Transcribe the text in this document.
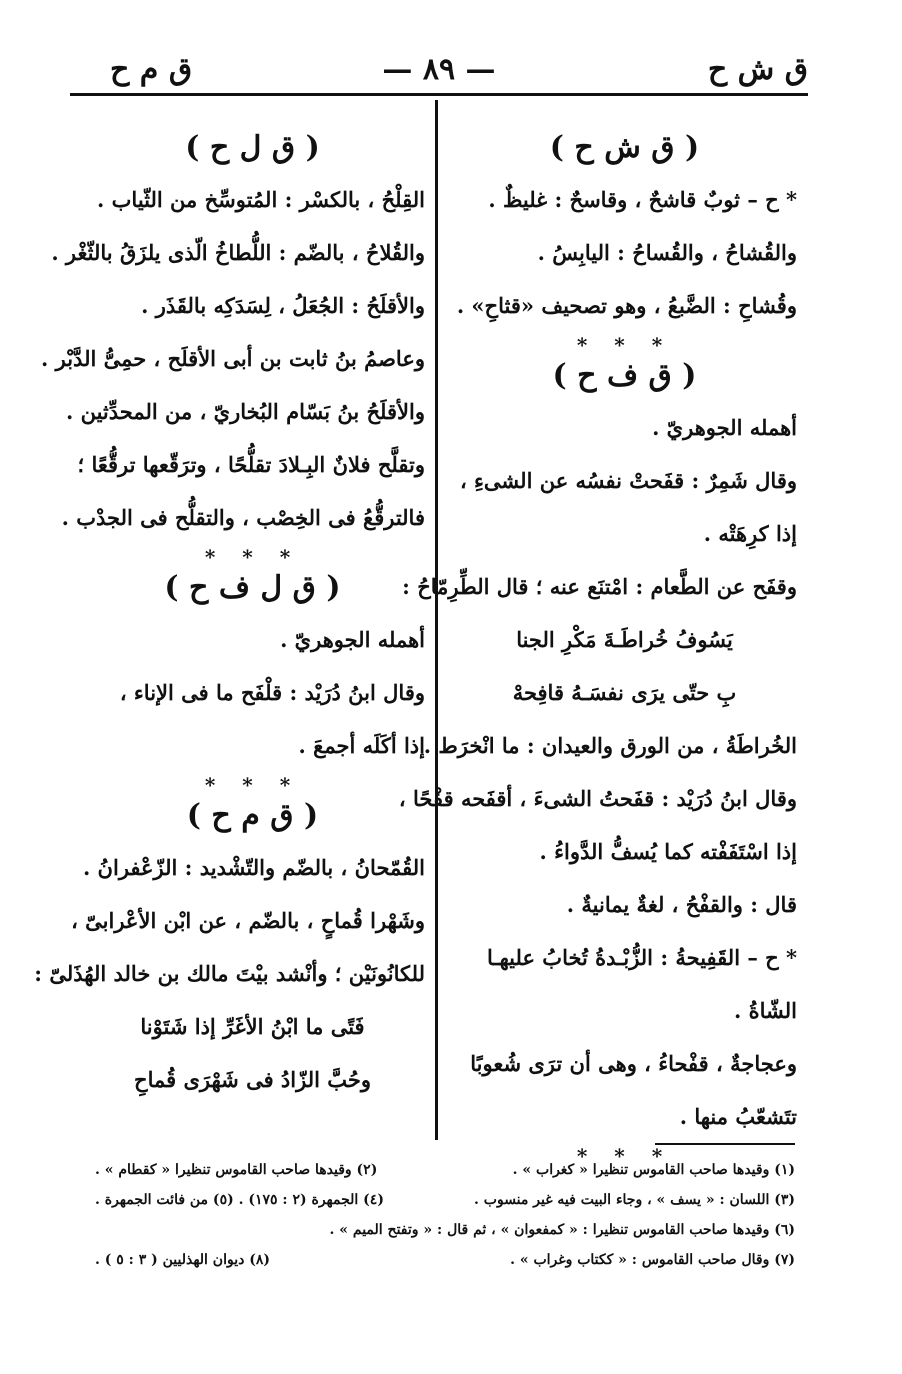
ق ش ح
— ٨٩ —
ق م ح
( ق ش ح )
* ح – ثوبٌ قاشحٌ ، وقاسحٌ : غليظٌ .
والقُشاحُ ، والقُساحُ : اليابِسُ .
وقُشاحِ : الضَّبعُ ، وهو تصحيف «قثاحِ» .
* * *
( ق ف ح )
أهمله الجوهريّ .
وقال شَمِرٌ : قفَحتْ نفسُه عن الشىءِ ،
إذا كرِهَتْه .
وقفَح عن الطَّعام : امْتنَع عنه ؛ قال الطِّرِمّاحُ :
يَسُوفُ خُراطَـةَ مَكْرِ الجنا
بِ حتّى يرَى نفسَـهُ قافِحهْ
الخُراطَةُ ، من الورق والعيدان : ما انْخرَط .
وقال ابنُ دُرَيْد : قفَحتُ الشىءَ ، أقفَحه قفْحًا ،
إذا اسْتَفَفْته كما يُسفُّ الدَّواءُ .
قال : والقفْحُ ، لغةٌ يمانيةٌ .
* ح – القَفِيحةُ : الزُّبْـدةُ تُخابُ عليهـا
الشّاةُ .
وعجاجةٌ ، قفْحاءُ ، وهى أن ترَى شُعوبًا
تتَشعّبُ منها .
* * *
( ق ل ح )
القِلْحُ ، بالكسْر : المُتوسِّخ من الثّياب .
والقُلاحُ ، بالضّم : اللُّطاخُ الّذى يلزَقُ بالثّغْر .
والأقلَحُ : الجُعَلُ ، لِسَدَكِه بالقَذَر .
وعاصمُ بنُ ثابت بن أبى الأقلَح ، حمِىُّ الدَّبْر .
والأقلَحُ بنُ بَسّام البُخاريّ ، من المحدِّثين .
وتقلَّح فلانٌ البِـلادَ تقلُّحًا ، وترَقّعها ترقُّعًا ؛
فالترقُّعُ فى الخِصْب ، والتقلُّح فى الجدْب .
* * *
( ق ل ف ح )
أهمله الجوهريّ .
وقال ابنُ دُرَيْد : قلْفَح ما فى الإناء ،
إذا أكَلَه أجمعَ .
* * *
( ق م ح )
القُمّحانُ ، بالضّم والتّشْديد : الزّعْفرانُ .
وشَهْرا قُماحٍ ، بالضّم ، عن ابْن الأعْرابىّ ،
للكانُونَيْن ؛ وأنْشد بيْتَ مالك بن خالد الهُذَلىّ :
فَتًى ما ابْنُ الأغَرِّ إذا شَتَوْنا
وحُبَّ الزّادُ فى شَهْرَى قُماحِ
(٢) وقيدها صاحب القاموس تنظيرا « كقطام » .	(١) وقيدها صاحب القاموس تنظيرا « كغراب » .
(٤) الجمهرة (٢ : ١٧٥) . (٥) من فائت الجمهرة .	(٣) اللسان : « يسف » ، وجاء البيت فيه غير منسوب .
(٦) وقيدها صاحب القاموس تنظيرا : « كمفعوان » ، ثم قال : « وتفتح الميم » .
(٨) ديوان الهذليين ( ٣ : ٥ ) .	(٧) وقال صاحب القاموس : « ككتاب وغراب » .
